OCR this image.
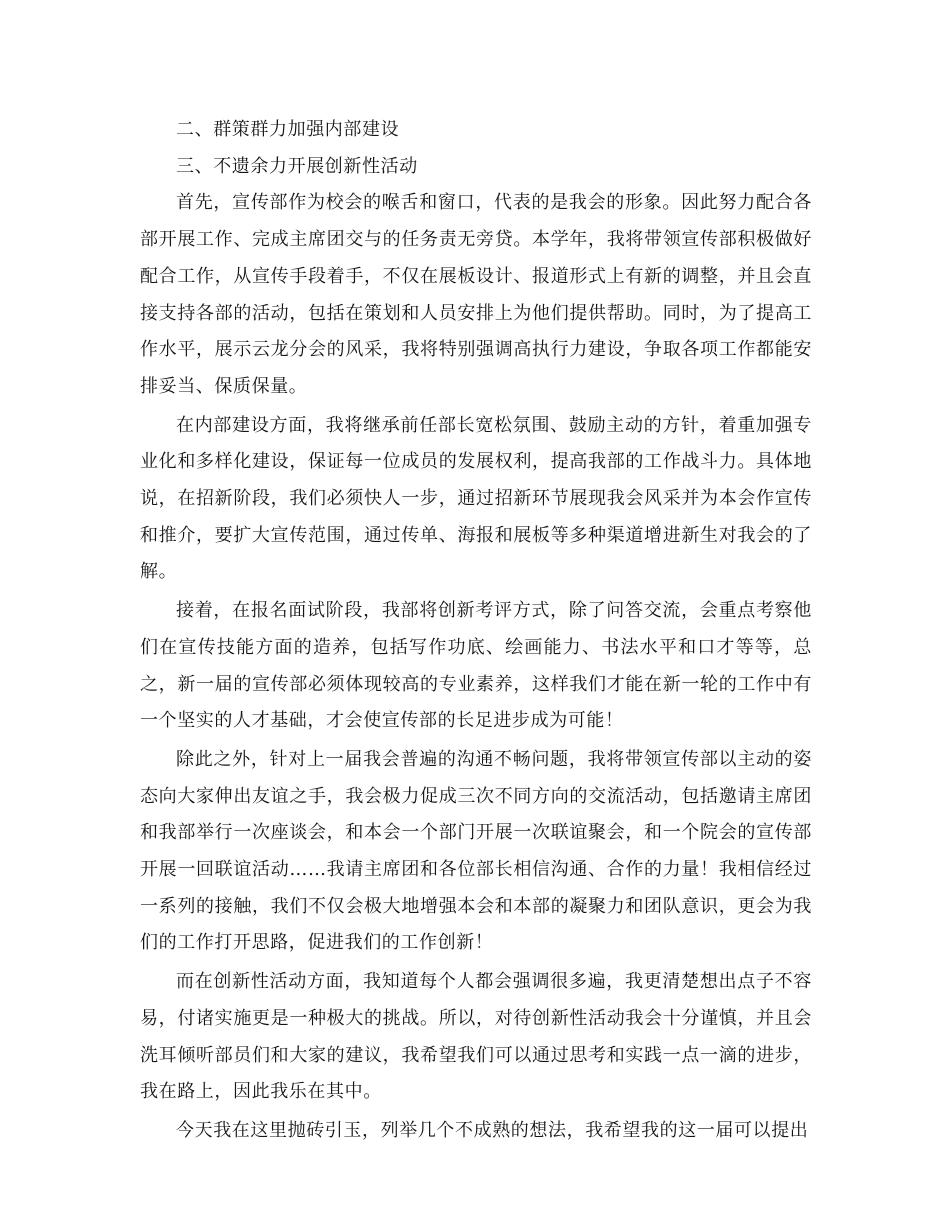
二、群策群力加强内部建设

三、不遗余力开展创新性活动

首先，宣传部作为校会的喉舌和窗口，代表的是我会的形象。因此努力配合各部开展工作、完成主席团交与的任务责无旁贷。本学年，我将带领宣传部积极做好配合工作，从宣传手段着手，不仅在展板设计、报道形式上有新的调整，并且会直接支持各部的活动，包括在策划和人员安排上为他们提供帮助。同时，为了提高工作水平，展示云龙分会的风采，我将特别强调高执行力建设，争取各项工作都能安排妥当、保质保量。

在内部建设方面，我将继承前任部长宽松氛围、鼓励主动的方针，着重加强专业化和多样化建设，保证每一位成员的发展权利，提高我部的工作战斗力。具体地说，在招新阶段，我们必须快人一步，通过招新环节展现我会风采并为本会作宣传和推介，要扩大宣传范围，通过传单、海报和展板等多种渠道增进新生对我会的了解。

接着，在报名面试阶段，我部将创新考评方式，除了问答交流，会重点考察他们在宣传技能方面的造养，包括写作功底、绘画能力、书法水平和口才等等，总之，新一届的宣传部必须体现较高的专业素养，这样我们才能在新一轮的工作中有一个坚实的人才基础，才会使宣传部的长足进步成为可能！

除此之外，针对上一届我会普遍的沟通不畅问题，我将带领宣传部以主动的姿态向大家伸出友谊之手，我会极力促成三次不同方向的交流活动，包括邀请主席团和我部举行一次座谈会，和本会一个部门开展一次联谊聚会，和一个院会的宣传部开展一回联谊活动……我请主席团和各位部长相信沟通、合作的力量！我相信经过一系列的接触，我们不仅会极大地增强本会和本部的凝聚力和团队意识，更会为我们的工作打开思路，促进我们的工作创新！

而在创新性活动方面，我知道每个人都会强调很多遍，我更清楚想出点子不容易，付诸实施更是一种极大的挑战。所以，对待创新性活动我会十分谨慎，并且会洗耳倾听部员们和大家的建议，我希望我们可以通过思考和实践一点一滴的进步，我在路上，因此我乐在其中。

今天我在这里抛砖引玉，列举几个不成熟的想法，我希望我的这一届可以提出
